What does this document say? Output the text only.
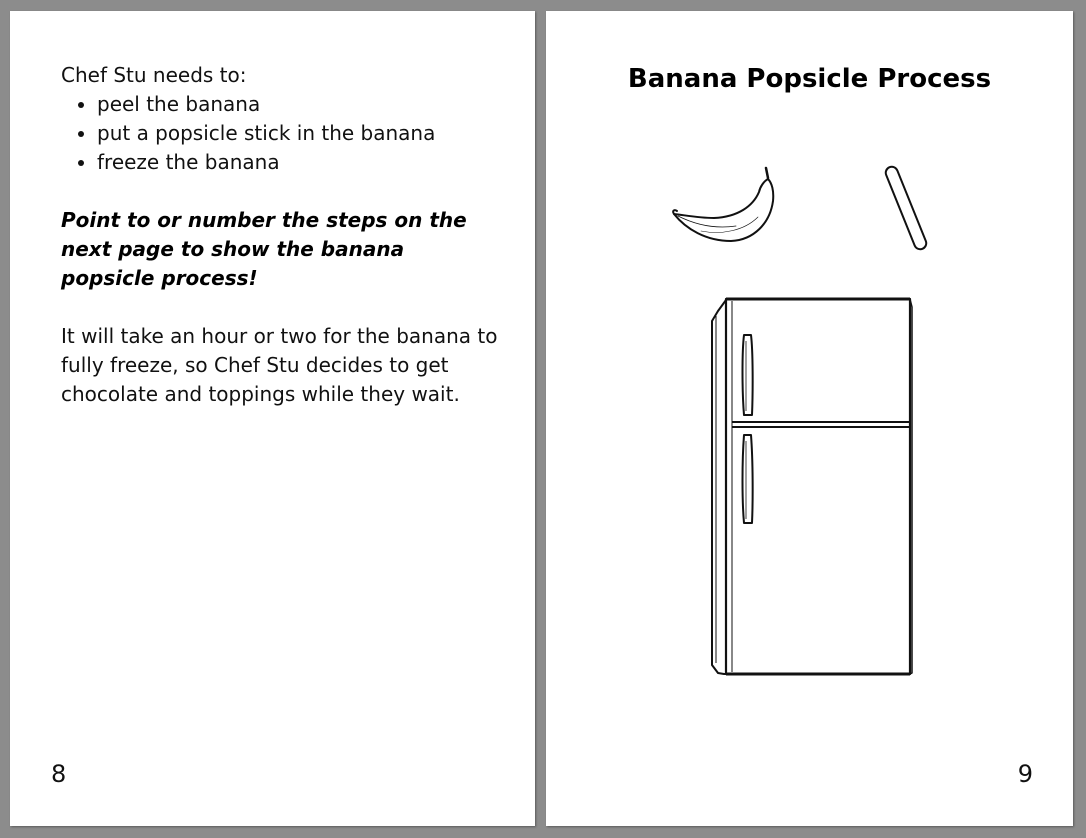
Chef Stu needs to:

• peel the banana
• put a popsicle stick in the banana
• freeze the banana

Point to or number the steps on the next page to show the banana popsicle process!

It will take an hour or two for the banana to fully freeze, so Chef Stu decides to get chocolate and toppings while they wait.

8
Banana Popsicle Process
9
